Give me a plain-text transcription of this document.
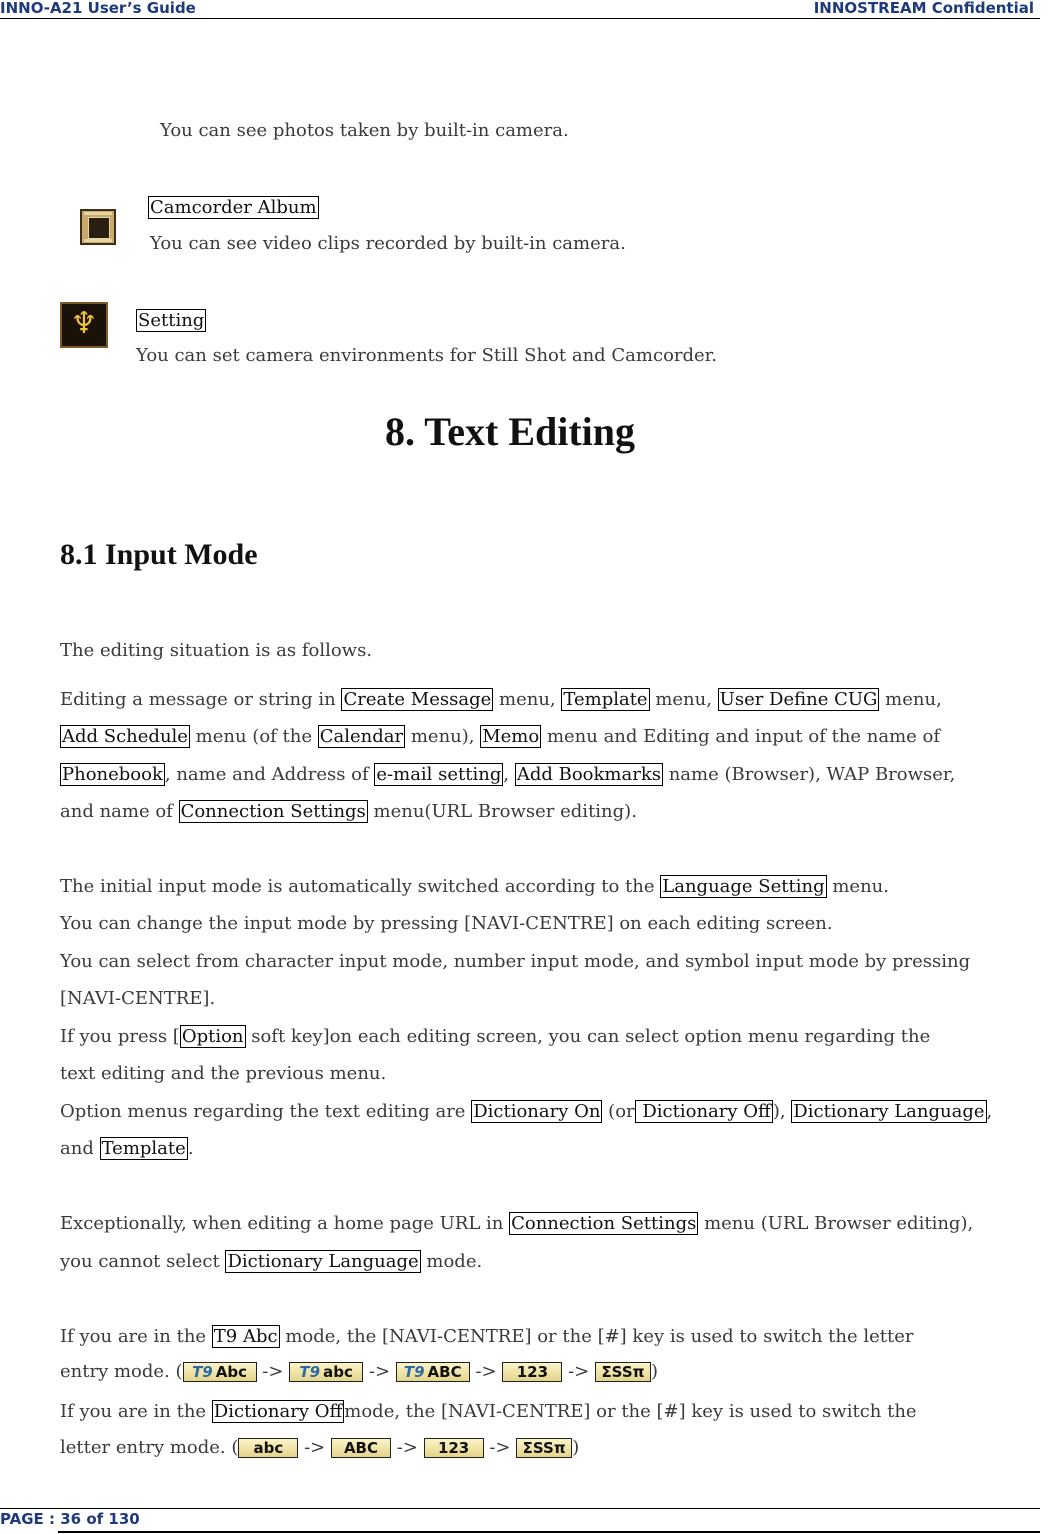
INNO-A21 User’s Guide	INNOSTREAM Confidential
You can see photos taken by built-in camera.
Camcorder Album
You can see video clips recorded by built-in camera.
♆	Setting
You can set camera environments for Still Shot and Camcorder.
8. Text Editing
8.1 Input Mode
The editing situation is as follows.
Editing a message or string in Create Message menu, Template menu, User Define CUG menu,
Add Schedule menu (of the Calendar menu), Memo menu and Editing and input of the name of
Phonebook , name and Address of e-mail setting , Add Bookmarks name (Browser), WAP Browser,
and name of Connection Settings menu(URL Browser editing).
The initial input mode is automatically switched according to the Language Setting menu.
You can change the input mode by pressing [NAVI-CENTRE] on each editing screen.
You can select from character input mode, number input mode, and symbol input mode by pressing
[NAVI-CENTRE].
If you press [ Option soft key]on each editing screen, you can select option menu regarding the
text editing and the previous menu.
Option menus regarding the text editing are Dictionary On (or Dictionary Off ), Dictionary Language ,
and Template .
Exceptionally, when editing a home page URL in Connection Settings menu (URL Browser editing),
you cannot select Dictionary Language mode.
If you are in the T9 Abc mode, the [NAVI-CENTRE] or the [#] key is used to switch the letter
entry mode. ( T9 Abc -> T9 abc -> T9 ABC -> 123 -> ΣSSπ )
If you are in the Dictionary Off mode, the [NAVI-CENTRE] or the [#] key is used to switch the
letter entry mode. ( abc -> ABC -> 123 -> ΣSSπ )
PAGE : 36 of 130
